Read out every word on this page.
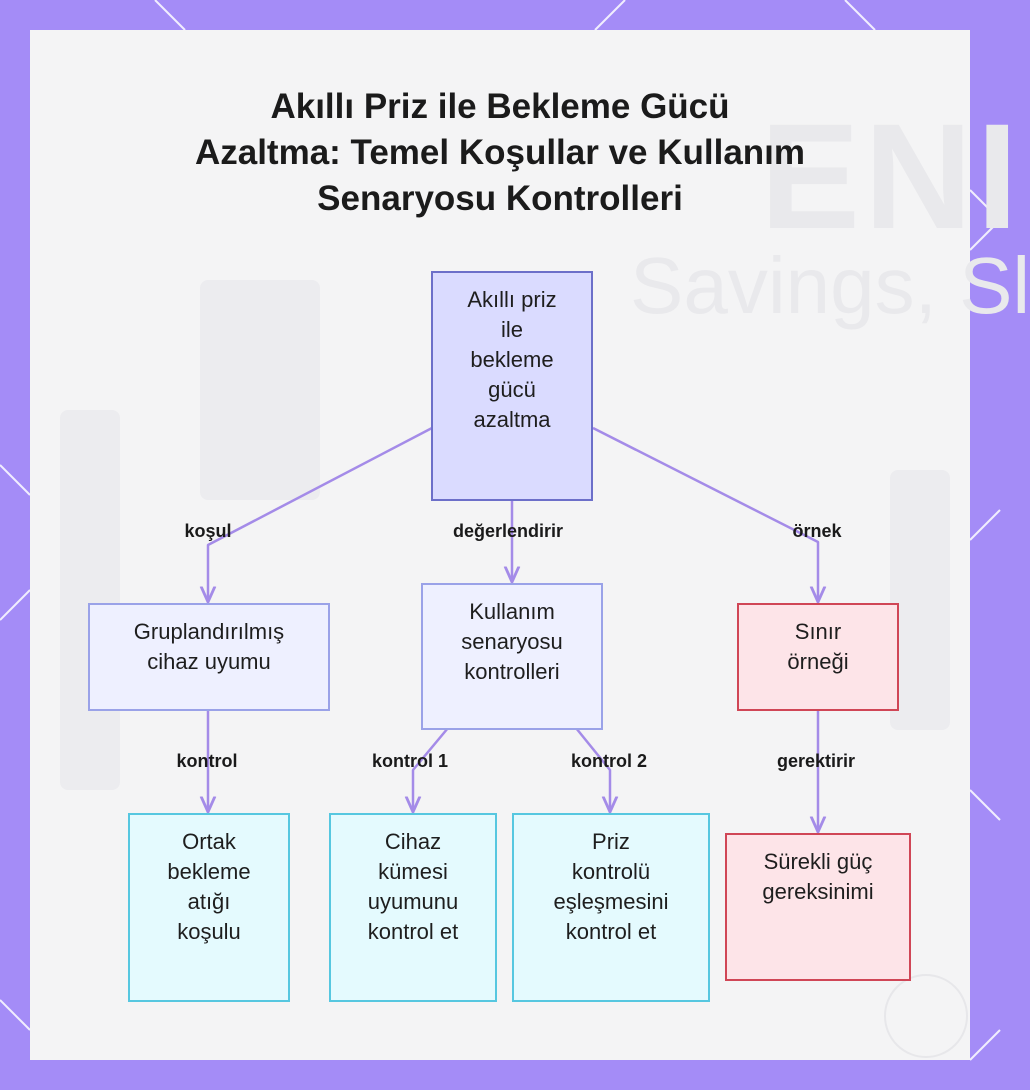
ENI
Savings, Sl
Akıllı Priz ile Bekleme Gücü
Azaltma: Temel Koşullar ve Kullanım
Senaryosu Kontrolleri
Akıllı priz
ile
bekleme
gücü
azaltma
Gruplandırılmış
cihaz uyumu
Kullanım
senaryosu
kontrolleri
Sınır
örneği
Ortak
bekleme
atığı
koşulu
Cihaz
kümesi
uyumunu
kontrol et
Priz
kontrolü
eşleşmesini
kontrol et
Sürekli güç
gereksinimi
koşul	değerlendirir	örnek
kontrol	kontrol 1	kontrol 2	gerektirir
